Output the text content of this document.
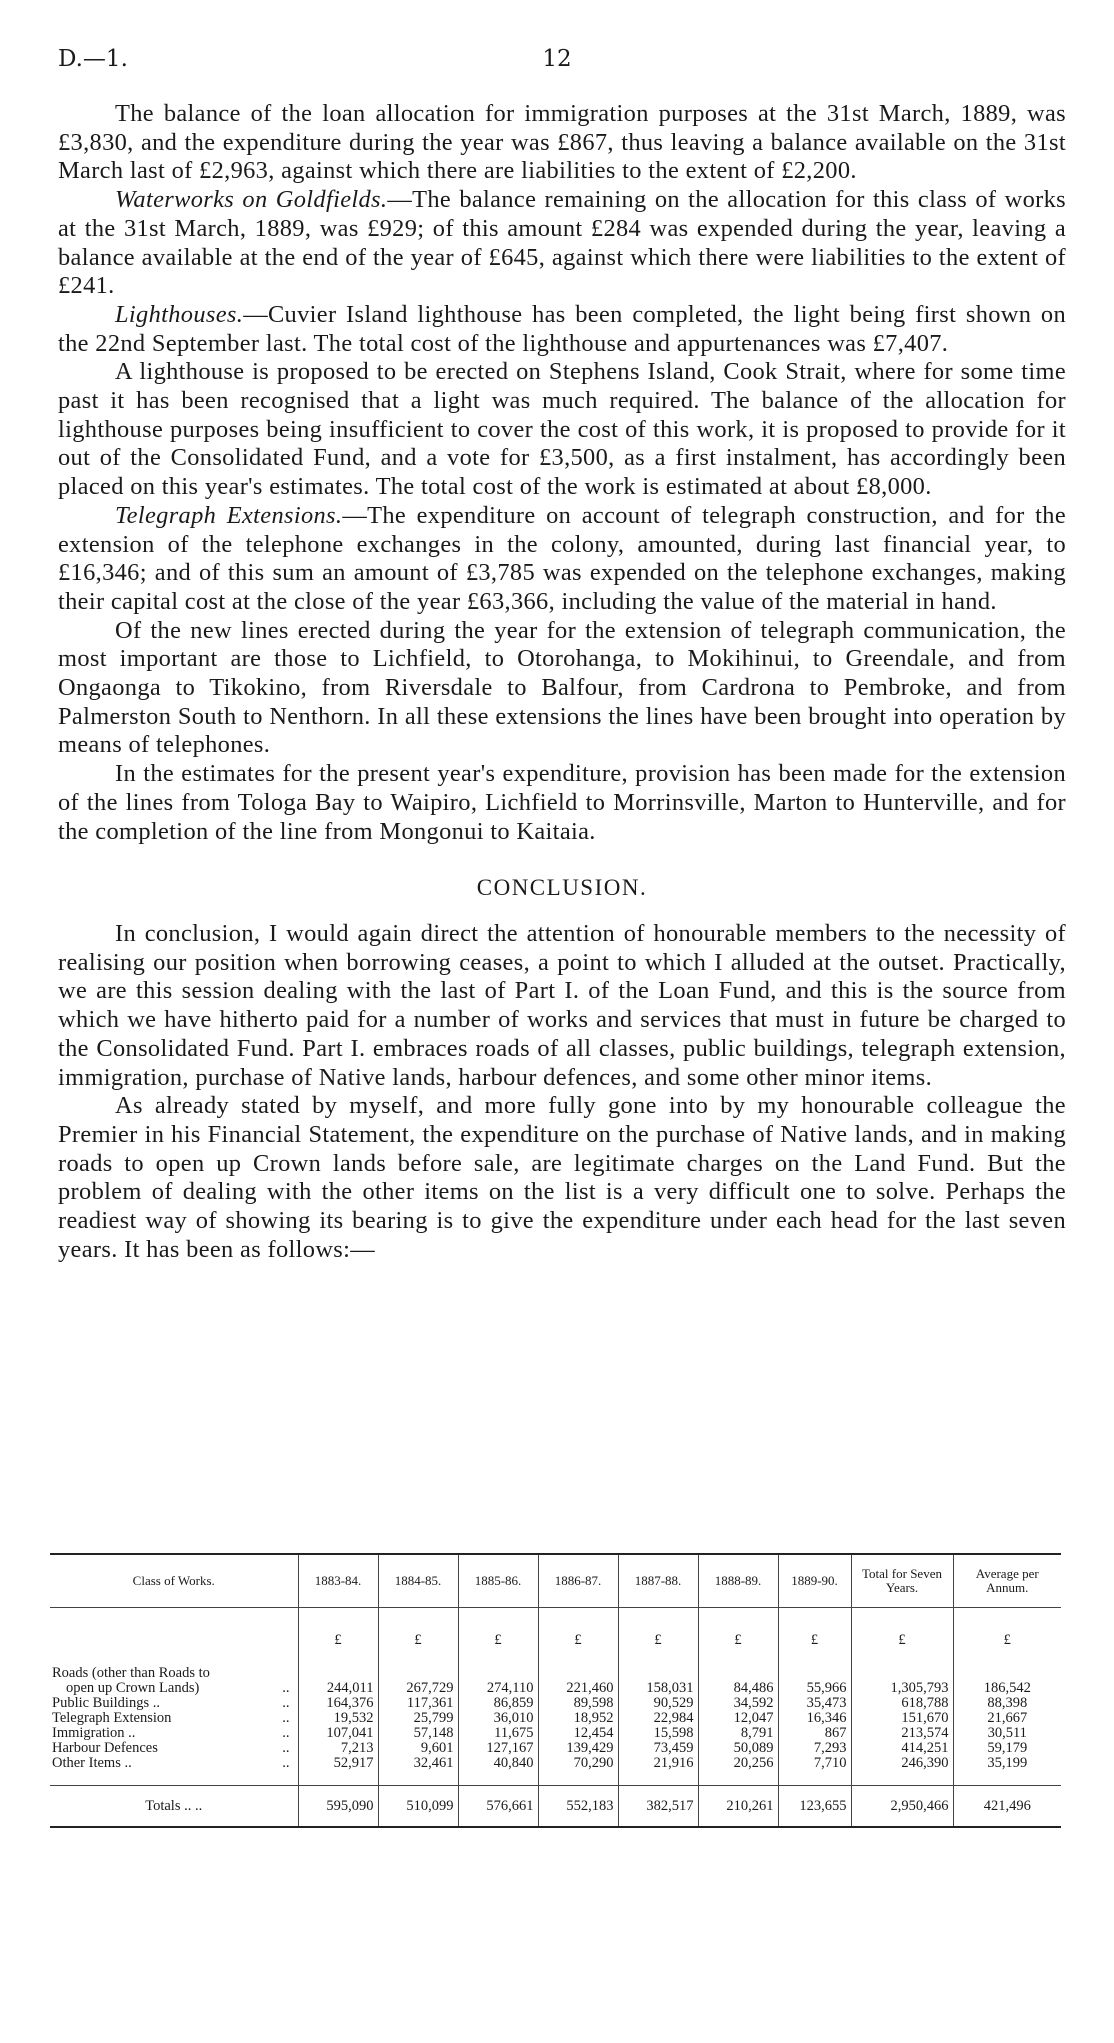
D.—1.	12

The balance of the loan allocation for immigration purposes at the 31st March, 1889, was £3,830, and the expenditure during the year was £867, thus leaving a balance available on the 31st March last of £2,963, against which there are liabilities to the extent of £2,200.

Waterworks on Goldfields.—The balance remaining on the allocation for this class of works at the 31st March, 1889, was £929; of this amount £284 was expended during the year, leaving a balance available at the end of the year of £645, against which there were liabilities to the extent of £241.

Lighthouses.—Cuvier Island lighthouse has been completed, the light being first shown on the 22nd September last. The total cost of the lighthouse and appurtenances was £7,407.

A lighthouse is proposed to be erected on Stephens Island, Cook Strait, where for some time past it has been recognised that a light was much required. The balance of the allocation for lighthouse purposes being insufficient to cover the cost of this work, it is proposed to provide for it out of the Consolidated Fund, and a vote for £3,500, as a first instalment, has accordingly been placed on this year's estimates. The total cost of the work is estimated at about £8,000.

Telegraph Extensions.—The expenditure on account of telegraph construction, and for the extension of the telephone exchanges in the colony, amounted, during last financial year, to £16,346; and of this sum an amount of £3,785 was expended on the telephone exchanges, making their capital cost at the close of the year £63,366, including the value of the material in hand.

Of the new lines erected during the year for the extension of telegraph communication, the most important are those to Lichfield, to Otorohanga, to Mokihinui, to Greendale, and from Ongaonga to Tikokino, from Riversdale to Balfour, from Cardrona to Pembroke, and from Palmerston South to Nenthorn. In all these extensions the lines have been brought into operation by means of telephones.

In the estimates for the present year's expenditure, provision has been made for the extension of the lines from Tologa Bay to Waipiro, Lichfield to Morrinsville, Marton to Hunterville, and for the completion of the line from Mongonui to Kaitaia.

CONCLUSION.

In conclusion, I would again direct the attention of honourable members to the necessity of realising our position when borrowing ceases, a point to which I alluded at the outset. Practically, we are this session dealing with the last of Part I. of the Loan Fund, and this is the source from which we have hitherto paid for a number of works and services that must in future be charged to the Consolidated Fund. Part I. embraces roads of all classes, public buildings, telegraph extension, immigration, purchase of Native lands, harbour defences, and some other minor items.

As already stated by myself, and more fully gone into by my honourable colleague the Premier in his Financial Statement, the expenditure on the purchase of Native lands, and in making roads to open up Crown lands before sale, are legitimate charges on the Land Fund. But the problem of dealing with the other items on the list is a very difficult one to solve. Perhaps the readiest way of showing its bearing is to give the expenditure under each head for the last seven years. It has been as follows:—

Class of Works.	1883-84.	1884-85.	1885-86.	1886-87.	1887-88.	1888-89.	1889-90.	Total for Seven Years.	Average per Annum.
	£	£	£	£	£	£	£	£	£

Roads (other than Roads to									
open up Crown Lands) ..	244,011	267,729	274,110	221,460	158,031	84,486	55,966	1,305,793	186,542
Public Buildings .. ..	164,376	117,361	86,859	89,598	90,529	34,592	35,473	618,788	88,398
Telegraph Extension ..	19,532	25,799	36,010	18,952	22,984	12,047	16,346	151,670	21,667
Immigration .. ..	107,041	57,148	11,675	12,454	15,598	8,791	867	213,574	30,511
Harbour Defences ..	7,213	9,601	127,167	139,429	73,459	50,089	7,293	414,251	59,179
Other Items .. ..	52,917	32,461	40,840	70,290	21,916	20,256	7,710	246,390	35,199

Totals .. ..	595,090	510,099	576,661	552,183	382,517	210,261	123,655	2,950,466	421,496
